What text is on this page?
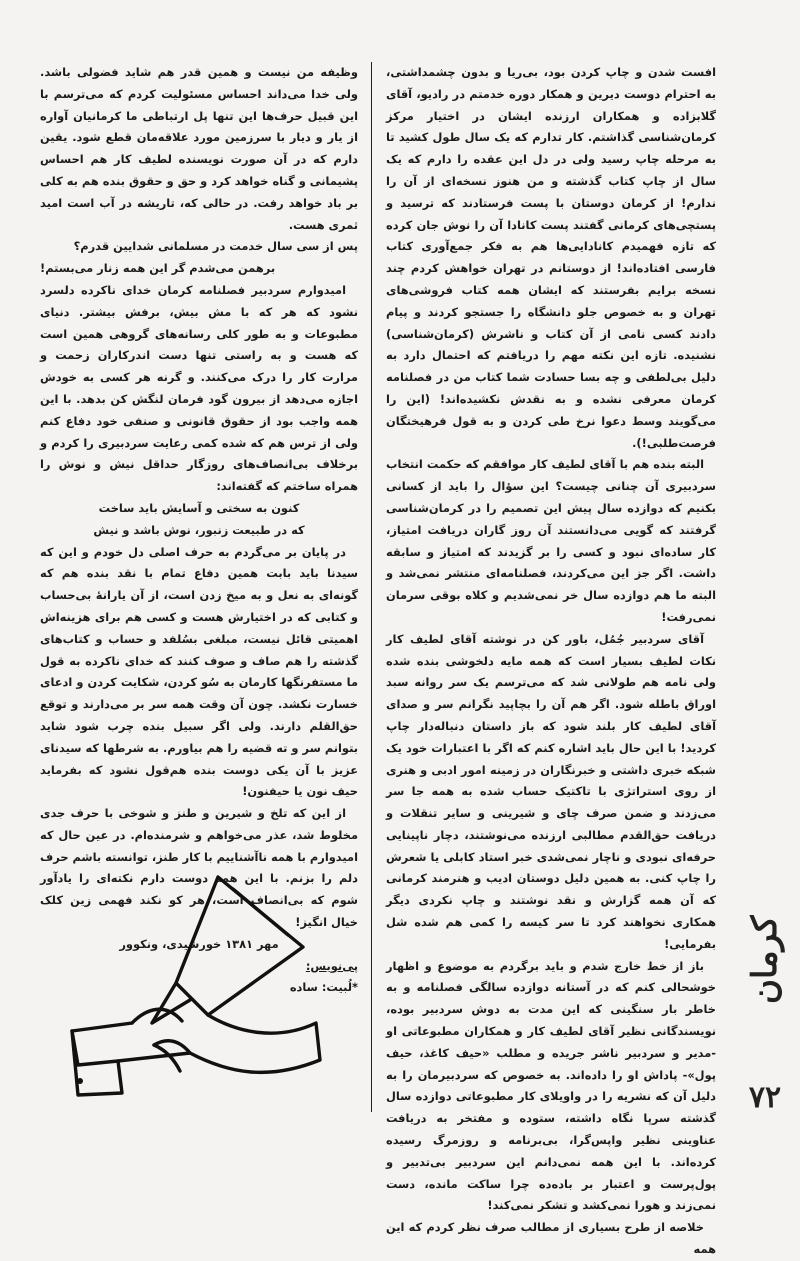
افست شدن و چاپ کردن بود، بی‌ریا و بدون چشمداشتی، به احترام دوست دیرین و همکار دوره خدمتم در رادیو، آقای گلابزاده و همکاران ارزنده ایشان در اختیار مرکز کرمان‌شناسی گذاشتم. کار تدارم که یک سال طول کشید تا به مرحله چاپ رسید ولی در دل این عقده را دارم که یک سال از چاپ کتاب گذشته و من هنوز نسخه‌ای از آن را ندارم! از کرمان دوستان با پست فرستادند که ترسید و پستچی‌های کرمانی گفتند پست کانادا آن را نوش جان کرده که تازه فهمیدم کانادایی‌ها هم به فکر جمع‌آوری کتاب فارسی افتاده‌اند! از دوستانم در تهران خواهش کردم چند نسخه برایم بفرستند که ایشان همه کتاب فروشی‌های تهران و به خصوص جلو دانشگاه را جستجو کردند و پیام دادند کسی نامی از آن کتاب و ناشرش (کرمان‌شناسی) نشنیده. تازه این نکته مهم را دریافتم که احتمال دارد به دلیل بی‌لطفی و چه بسا حسادت شما کتاب من در فصلنامه کرمان معرفی نشده و به نقدش نکشیده‌اند! (این را می‌گویند وسط دعوا نرخ طی کردن و به قول فرهیختگان فرصت‌طلبی!).

البته بنده هم با آقای لطیف کار موافقم که حکمت انتخاب سردبیری آن چنانی چیست؟ این سؤال را باید از کسانی بکنیم که دوازده سال پیش این تصمیم را در کرمان‌شناسی گرفتند که گویی می‌دانستند آن روز گاران دریافت امتیاز، کار ساده‌ای نبود و کسی را بر گزیدند که امتیاز و سابقه داشت. اگر جز این می‌کردند، فصلنامه‌ای منتشر نمی‌شد و البته ما هم دوازده سال خر نمی‌شدیم و کلاه بوقی سرمان نمی‌رفت!

آقای سردبیر جُمُل، باور کن در نوشته آقای لطیف کار نکات لطیف بسیار است که همه مایه دلخوشی بنده شده ولی نامه هم طولانی شد که می‌ترسم یک سر روانه سبد اوراق باطله شود. اگر هم آن را بچاپید نگرانم سر و صدای آقای لطیف کار بلند شود که باز داستان دنباله‌دار چاپ کردید! با این حال باید اشاره کنم که اگر با اعتبارات خود یک شبکه خبری داشتی و خبرنگاران در زمینه امور ادبی و هنری از روی استراتژی با تاکتیک حساب شده به همه جا سر می‌زدند و ضمن صرف چای و شیرینی و سایر تنقلات و دریافت حق‌القدم مطالبی ارزنده می‌نوشتند، دچار ناپینایی حرفه‌ای نبودی و ناچار نمی‌شدی خبر استاد کابلی یا شعرش را چاپ کنی. به همین دلیل دوستان ادیب و هنرمند کرمانی که آن همه گزارش و نقد نوشتند و چاپ نکردی دیگر همکاری نخواهند کرد تا سر کیسه را کمی هم شده شل بفرمایی!

باز از خط خارج شدم و باید برگردم به موضوع و اظهار خوشحالی کنم که در آستانه دوازده سالگی فصلنامه و به خاطر بار سنگینی که این مدت به دوش سردبیر بوده، نویسندگانی نظیر آقای لطیف کار و همکاران مطبوعاتی او -مدیر و سردبیر ناشر جریده و مطلب «حیف کاغذ، حیف پول»- پاداش او را داده‌اند. به خصوص که سردبیرمان را به دلیل آن که نشریه را در واویلای کار مطبوعاتی دوازده سال گذشته سرپا نگاه داشته، ستوده و مفتخر به دریافت عناوینی نظیر واپس‌گرا، بی‌برنامه و روزمرگ رسیده کرده‌اند. با این همه نمی‌دانم این سردبیر بی‌تدبیر و پول‌پرست و اعتبار بر باده‌ده چرا ساکت مانده، دست نمی‌زند و هورا نمی‌کشد و تشکر نمی‌کند!

خلاصه از طرح بسیاری از مطالب صرف نظر کردم که این همه

وظیفه من نیست و همین قدر هم شاید فضولی باشد. ولی خدا می‌داند احساس مسئولیت کردم که می‌ترسم با این قبیل حرف‌ها این تنها پل ارتباطی ما کرمانیان آواره از یار و دیار با سرزمین مورد علاقه‌مان قطع شود. یقین دارم که در آن صورت نویسنده لطیف کار هم احساس پشیمانی و گناه خواهد کرد و حق و حقوق بنده هم به کلی بر باد خواهد رفت. در حالی که، تاریشه در آب است امید ثمری هست.

پس از سی سال خدمت در مسلمانی شدایین قدرم؟

برهمن می‌شدم گر این همه زنار می‌بستم!

امیدوارم سردبیر فصلنامه کرمان خدای ناکرده دلسرد نشود که هر که با مش بیش، برفش بیشتر. دنیای مطبوعات و به طور کلی رسانه‌های گروهی همین است که هست و به راستی تنها دست اندرکاران زحمت و مرارت کار را درک می‌کنند. و گرنه هر کسی به خودش اجازه می‌دهد از بیرون گود فرمان لنگش کن بدهد. با این همه واجب بود از حقوق قانونی و صنفی خود دفاع کنم ولی از ترس هم که شده کمی رعایت سردبیری را کردم و برخلاف بی‌انصاف‌های روزگار حداقل نیش و نوش را همراه ساختم که گفته‌اند:

کنون به سختی و آسایش باید ساخت

که در طبیعت زنبور، نوش باشد و نیش

در پایان بر می‌گردم به حرف اصلی دل خودم و این که سیدنا باید بابت همین دفاع تمام با نقد بنده هم که گونه‌ای به نعل و به میخ زدن است، از آن یارانهٔ بی‌حساب و کتابی که در اختیارش هست و کسی هم برای هزینه‌اش اهمیتی قائل نیست، مبلغی بسُلفد و حساب و کتاب‌های گذشته را هم صاف و صوف کنند که خدای ناکرده به قول ما مستفرنگها کارمان به سُو کردن، شکایت کردن و ادعای خسارت نکشد. چون آن وقت همه سر بر می‌دارند و توقع حق‌القلم دارند. ولی اگر سبیل بنده چرب شود شاید بتوانم سر و ته قضیه را هم بیاورم. به شرطها که سیدنای عزیز با آن یکی دوست بنده هم‌قول نشود که بفرماید حیف نون یا حیفنون!

از این که تلخ و شیرین و طنز و شوخی با حرف جدی مخلوط شد، عذر می‌خواهم و شرمنده‌ام. در عین حال که امیدوارم با همه ناآشناییم با کار طنز، توانسته باشم حرف دلم را بزنم. با این همه دوست دارم نکته‌ای را یادآور شوم که بی‌انصاف است، هر کو نکند فهمی زین کلک خیال انگیز!

مهر ۱۳۸۱ خورشیدی، ونکوور

پی‌نویس:

*لُبیت: ساده	کرمان
۷۲
